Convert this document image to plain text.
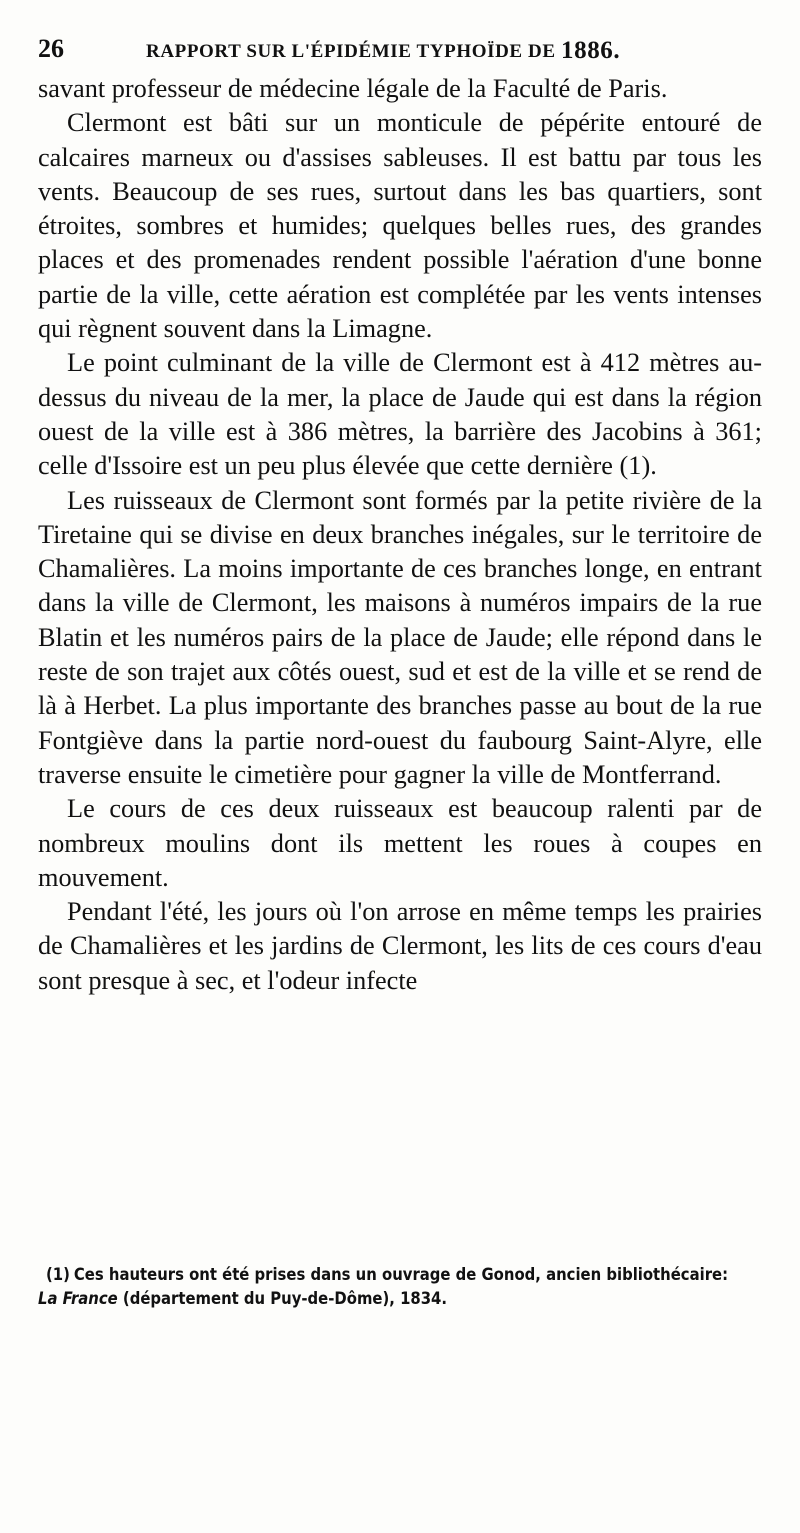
26	RAPPORT SUR L'ÉPIDÉMIE TYPHOÏDE DE 1886.

savant professeur de médecine légale de la Faculté de Paris.

Clermont est bâti sur un monticule de pépérite entouré de calcaires marneux ou d'assises sableuses. Il est battu par tous les vents. Beaucoup de ses rues, surtout dans les bas quartiers, sont étroites, sombres et humides; quelques belles rues, des grandes places et des promenades rendent possible l'aération d'une bonne partie de la ville, cette aération est complétée par les vents intenses qui règnent souvent dans la Limagne.

Le point culminant de la ville de Clermont est à 412 mètres au-dessus du niveau de la mer, la place de Jaude qui est dans la région ouest de la ville est à 386 mètres, la barrière des Jacobins à 361; celle d'Issoire est un peu plus élevée que cette dernière (1).

Les ruisseaux de Clermont sont formés par la petite rivière de la Tiretaine qui se divise en deux branches inégales, sur le territoire de Chamalières. La moins importante de ces branches longe, en entrant dans la ville de Clermont, les maisons à numéros impairs de la rue Blatin et les numéros pairs de la place de Jaude; elle répond dans le reste de son trajet aux côtés ouest, sud et est de la ville et se rend de là à Herbet. La plus importante des branches passe au bout de la rue Fontgiève dans la partie nord-ouest du faubourg Saint-Alyre, elle traverse ensuite le cimetière pour gagner la ville de Montferrand.

Le cours de ces deux ruisseaux est beaucoup ralenti par de nombreux moulins dont ils mettent les roues à coupes en mouvement.

Pendant l'été, les jours où l'on arrose en même temps les prairies de Chamalières et les jardins de Clermont, les lits de ces cours d'eau sont presque à sec, et l'odeur infecte

(1) Ces hauteurs ont été prises dans un ouvrage de Gonod, ancien bibliothécaire:
La France (département du Puy-de-Dôme), 1834.
